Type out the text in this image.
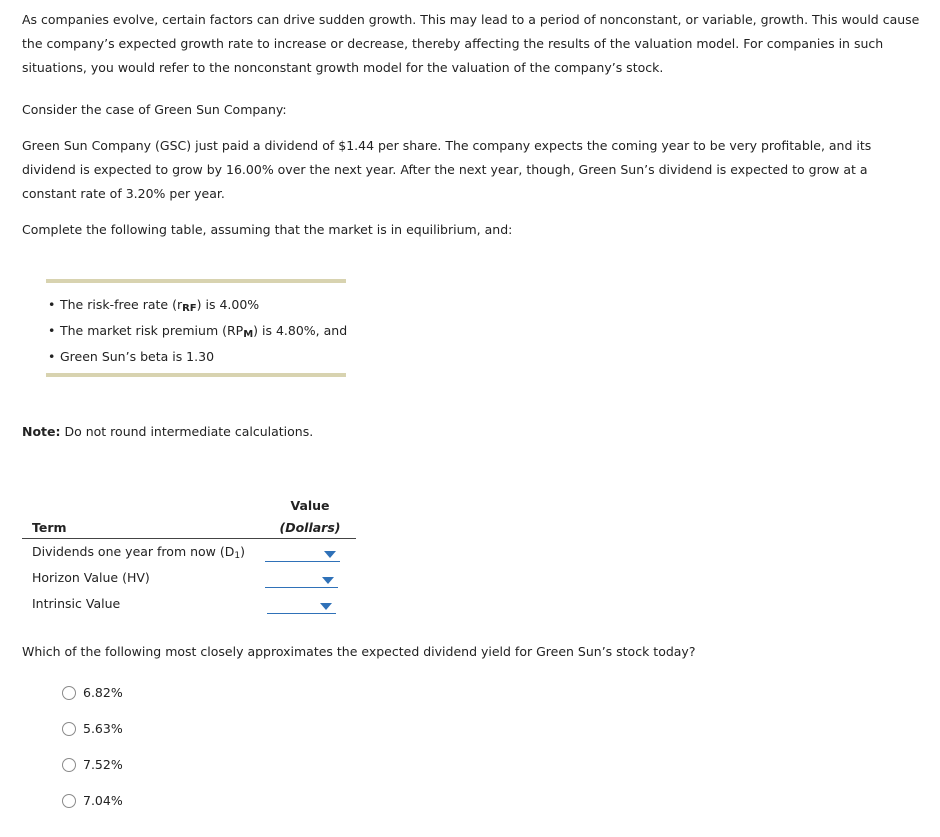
As companies evolve, certain factors can drive sudden growth. This may lead to a period of nonconstant, or variable, growth. This would cause the company’s expected growth rate to increase or decrease, thereby affecting the results of the valuation model. For companies in such situations, you would refer to the nonconstant growth model for the valuation of the company’s stock.

Consider the case of Green Sun Company:

Green Sun Company (GSC) just paid a dividend of $1.44 per share. The company expects the coming year to be very profitable, and its dividend is expected to grow by 16.00% over the next year. After the next year, though, Green Sun’s dividend is expected to grow at a constant rate of 3.20% per year.

Complete the following table, assuming that the market is in equilibrium, and:

• The risk-free rate $(r_{RF})$ is 4.00%
• The market risk premium $(RP_M)$ is 4.80%, and
• Green Sun’s beta is 1.30

Note: Do not round intermediate calculations.

Term
Value
(Dollars)
Dividends one year from now $(D_1)$
Horizon Value (HV)
Intrinsic Value

Which of the following most closely approximates the expected dividend yield for Green Sun’s stock today?

6.82%
5.63%
7.52%
7.04%
